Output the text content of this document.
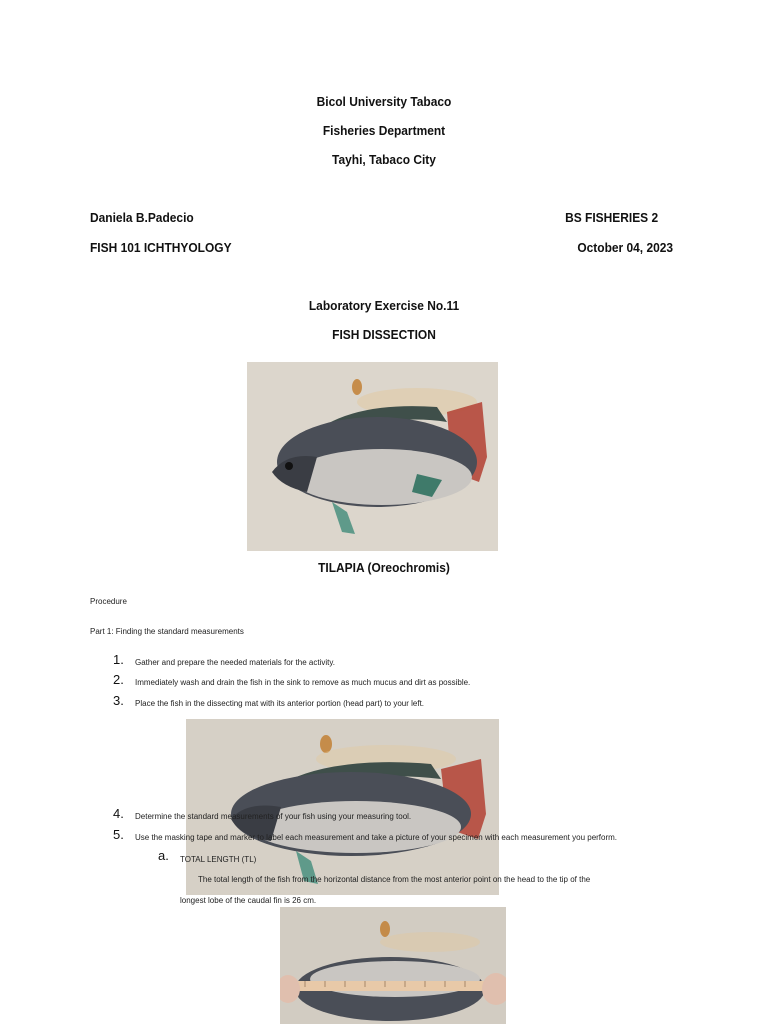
Bicol University Tabaco
Fisheries Department
Tayhi, Tabaco City
Daniela B.Padecio	BS FISHERIES 2
FISH 101 ICHTHYOLOGY	October 04, 2023
Laboratory Exercise No.11
FISH DISSECTION
TILAPIA (Oreochromis)
Procedure
Part 1: Finding the standard measurements
1. Gather and prepare the needed materials for the activity.
2. Immediately wash and drain the fish in the sink to remove as much mucus and dirt as possible.
3. Place the fish in the dissecting mat with its anterior portion (head part) to your left.
4. Determine the standard measurements of your fish using your measuring tool.
5. Use the masking tape and marker to label each measurement and take a picture of your specimen with each measurement you perform.
a. TOTAL LENGTH (TL)
The total length of the fish from the horizontal distance from the most anterior point on the head to the tip of the
longest lobe of the caudal fin is 26 cm.
